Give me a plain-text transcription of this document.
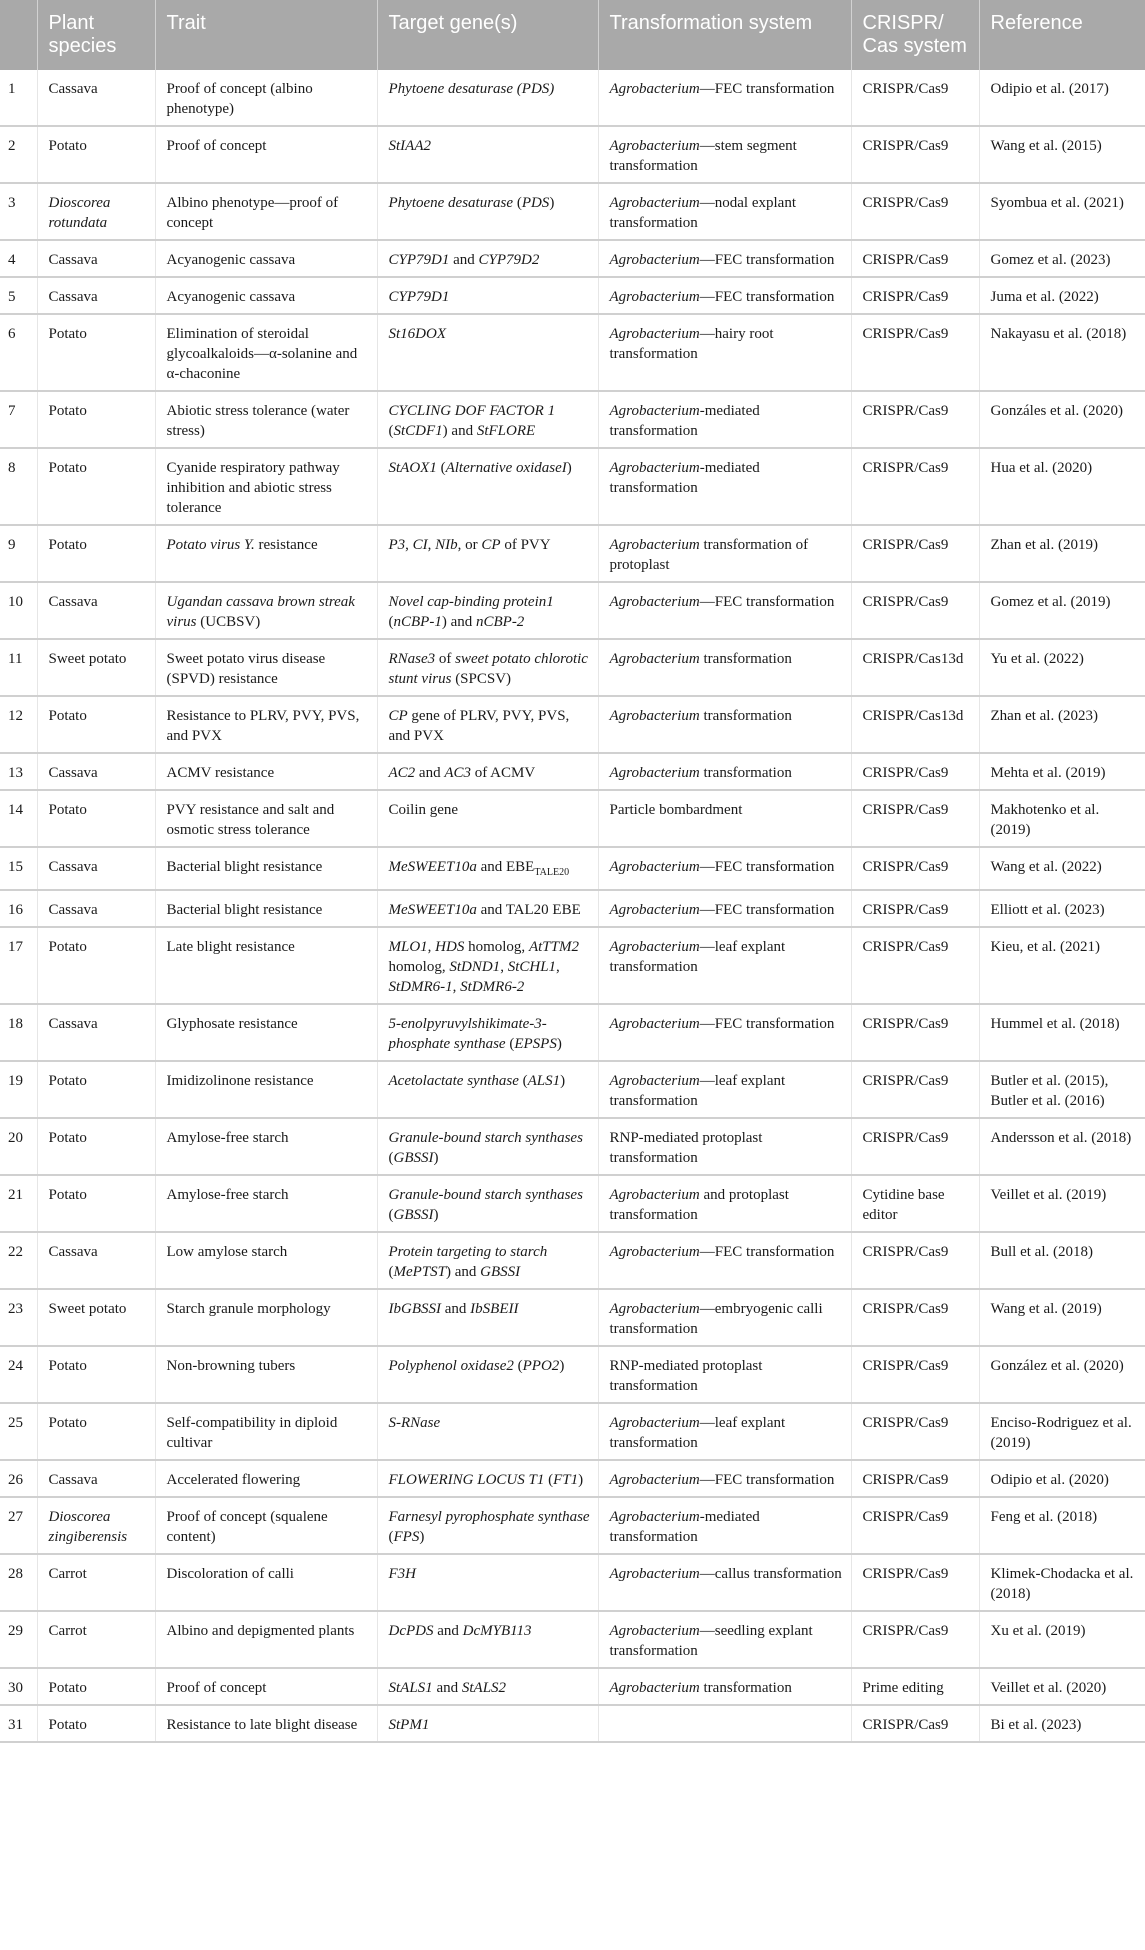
	Plant species	Trait	Target gene(s)	Transformation system	CRISPR/ Cas system	Reference
1	Cassava	Proof of concept (albino phenotype)	Phytoene desaturase (PDS)	Agrobacterium—FEC transformation	CRISPR/Cas9	Odipio et al. (2017)
2	Potato	Proof of concept	StIAA2	Agrobacterium—stem segment transformation	CRISPR/Cas9	Wang et al. (2015)
3	Dioscorea rotundata	Albino phenotype—proof of concept	Phytoene desaturase (PDS)	Agrobacterium—nodal explant transformation	CRISPR/Cas9	Syombua et al. (2021)
4	Cassava	Acyanogenic cassava	CYP79D1 and CYP79D2	Agrobacterium—FEC transformation	CRISPR/Cas9	Gomez et al. (2023)
5	Cassava	Acyanogenic cassava	CYP79D1	Agrobacterium—FEC transformation	CRISPR/Cas9	Juma et al. (2022)
6	Potato	Elimination of steroidal glycoalkaloids—α-solanine and α-chaconine	St16DOX	Agrobacterium—hairy root transformation	CRISPR/Cas9	Nakayasu et al. (2018)
7	Potato	Abiotic stress tolerance (water stress)	CYCLING DOF FACTOR 1 (StCDF1) and StFLORE	Agrobacterium-mediated transformation	CRISPR/Cas9	Gonzáles et al. (2020)
8	Potato	Cyanide respiratory pathway inhibition and abiotic stress tolerance	StAOX1 (Alternative oxidaseI)	Agrobacterium-mediated transformation	CRISPR/Cas9	Hua et al. (2020)
9	Potato	Potato virus Y. resistance	P3, CI, NIb, or CP of PVY	Agrobacterium transformation of protoplast	CRISPR/Cas9	Zhan et al. (2019)
10	Cassava	Ugandan cassava brown streak virus (UCBSV)	Novel cap-binding protein1 (nCBP-1) and nCBP-2	Agrobacterium—FEC transformation	CRISPR/Cas9	Gomez et al. (2019)
11	Sweet potato	Sweet potato virus disease (SPVD) resistance	RNase3 of sweet potato chlorotic stunt virus (SPCSV)	Agrobacterium transformation	CRISPR/Cas13d	Yu et al. (2022)
12	Potato	Resistance to PLRV, PVY, PVS, and PVX	CP gene of PLRV, PVY, PVS, and PVX	Agrobacterium transformation	CRISPR/Cas13d	Zhan et al. (2023)
13	Cassava	ACMV resistance	AC2 and AC3 of ACMV	Agrobacterium transformation	CRISPR/Cas9	Mehta et al. (2019)
14	Potato	PVY resistance and salt and osmotic stress tolerance	Coilin gene	Particle bombardment	CRISPR/Cas9	Makhotenko et al. (2019)
15	Cassava	Bacterial blight resistance	MeSWEET10a and $EBE_{TALE20}$	Agrobacterium—FEC transformation	CRISPR/Cas9	Wang et al. (2022)
16	Cassava	Bacterial blight resistance	MeSWEET10a and TAL20 EBE	Agrobacterium—FEC transformation	CRISPR/Cas9	Elliott et al. (2023)
17	Potato	Late blight resistance	MLO1, HDS homolog, AtTTM2 homolog, StDND1, StCHL1, StDMR6-1, StDMR6-2	Agrobacterium—leaf explant transformation	CRISPR/Cas9	Kieu, et al. (2021)
18	Cassava	Glyphosate resistance	5-enolpyruvylshikimate-3-phosphate synthase (EPSPS)	Agrobacterium—FEC transformation	CRISPR/Cas9	Hummel et al. (2018)
19	Potato	Imidizolinone resistance	Acetolactate synthase (ALS1)	Agrobacterium—leaf explant transformation	CRISPR/Cas9	Butler et al. (2015), Butler et al. (2016)
20	Potato	Amylose-free starch	Granule-bound starch synthases (GBSSI)	RNP-mediated protoplast transformation	CRISPR/Cas9	Andersson et al. (2018)
21	Potato	Amylose-free starch	Granule-bound starch synthases (GBSSI)	Agrobacterium and protoplast transformation	Cytidine base editor	Veillet et al. (2019)
22	Cassava	Low amylose starch	Protein targeting to starch (MePTST) and GBSSI	Agrobacterium—FEC transformation	CRISPR/Cas9	Bull et al. (2018)
23	Sweet potato	Starch granule morphology	IbGBSSI and IbSBEII	Agrobacterium—embryogenic calli transformation	CRISPR/Cas9	Wang et al. (2019)
24	Potato	Non-browning tubers	Polyphenol oxidase2 (PPO2)	RNP-mediated protoplast transformation	CRISPR/Cas9	González et al. (2020)
25	Potato	Self-compatibility in diploid cultivar	S-RNase	Agrobacterium—leaf explant transformation	CRISPR/Cas9	Enciso-Rodriguez et al. (2019)
26	Cassava	Accelerated flowering	FLOWERING LOCUS T1 (FT1)	Agrobacterium—FEC transformation	CRISPR/Cas9	Odipio et al. (2020)
27	Dioscorea zingiberensis	Proof of concept (squalene content)	Farnesyl pyrophosphate synthase (FPS)	Agrobacterium-mediated transformation	CRISPR/Cas9	Feng et al. (2018)
28	Carrot	Discoloration of calli	F3H	Agrobacterium—callus transformation	CRISPR/Cas9	Klimek-Chodacka et al. (2018)
29	Carrot	Albino and depigmented plants	DcPDS and DcMYB113	Agrobacterium—seedling explant transformation	CRISPR/Cas9	Xu et al. (2019)
30	Potato	Proof of concept	StALS1 and StALS2	Agrobacterium transformation	Prime editing	Veillet et al. (2020)
31	Potato	Resistance to late blight disease	StPM1		CRISPR/Cas9	Bi et al. (2023)
